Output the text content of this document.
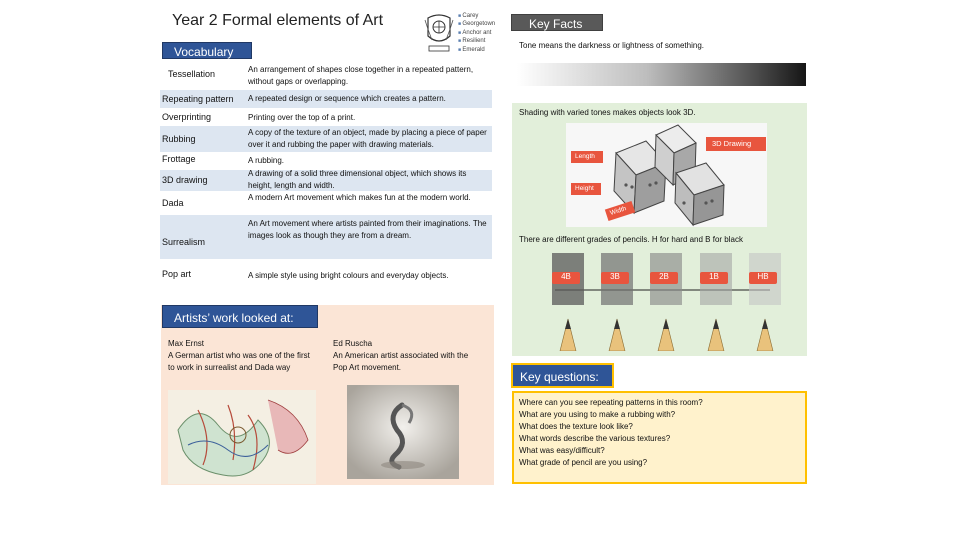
Year 2 Formal elements of Art
■	Carey
■ Georgetown
■ Anchor ant
■ Resilient
■ Emerald
Vocabulary
Tessellation	An arrangement of shapes close together in a repeated pattern, without gaps or overlapping.
Repeating pattern A repeated design or sequence which creates a pattern.
Overprinting	Printing over the top of a print.
Rubbing
A copy of the texture of an object, made by placing a piece of paper over it and rubbing the paper with drawing materials.
Frottage	A rubbing.
3D drawing
A drawing of a solid three dimensional object, which shows its height, length and width.
Dada
A modern Art movement which makes fun at the modern world.
Surrealism
An Art movement where artists painted from their imaginations. The images look as though they are from a dream.
Pop art	A simple style using bright colours and everyday objects.
Artists’ work looked at:
Max Ernst
A German artist who was one of the first to work in surrealist and Dada way
Ed Ruscha
An American artist associated with the Pop Art movement.
Key Facts
Tone means the darkness or lightness of something.
Shading with varied tones makes objects look 3D.
3D Drawing
Length
Height
Width
There are different grades of pencils. H for hard and B for black
4B	3B	2B	1B	HB
Key questions:
Where can you see repeating patterns in this room?
What are you using to make a rubbing with?
What does the texture look like?
What words describe the various textures?
What was easy/difficult?
What grade of pencil are you using?
